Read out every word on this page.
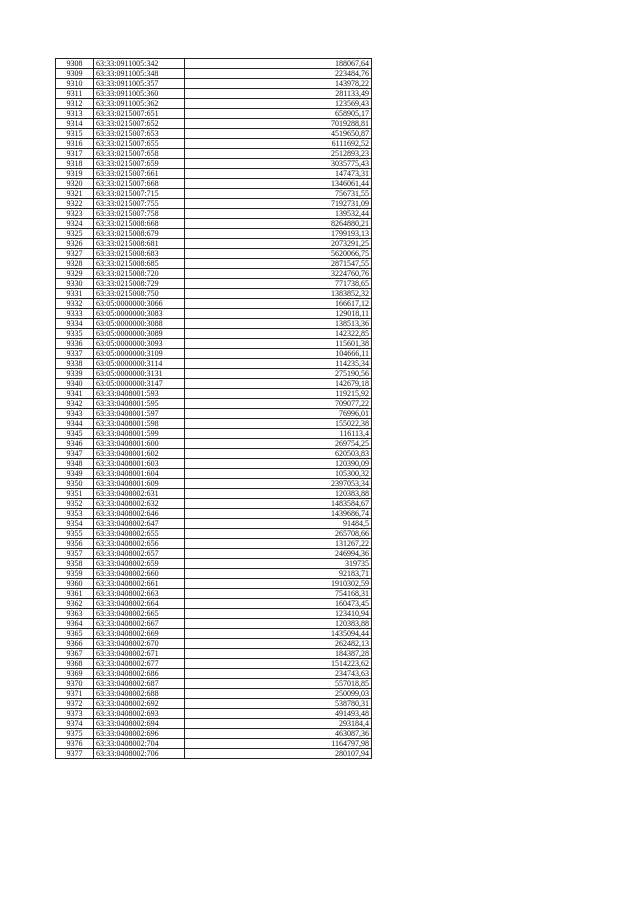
9308	63:33:0911005:342	188067,64
9309	63:33:0911005:348	223484,76
9310	63:33:0911005:357	143978,22
9311	63:33:0911005:360	281133,49
9312	63:33:0911005:362	123569,43
9313	63:33:0215007:651	658905,17
9314	63:33:0215007:652	7019288,81
9315	63:33:0215007:653	4519650,87
9316	63:33:0215007:655	6111692,52
9317	63:33:0215007:658	2512893,23
9318	63:33:0215007:659	3035775,43
9319	63:33:0215007:661	147473,31
9320	63:33:0215007:668	1346061,44
9321	63:33:0215007:715	756731,55
9322	63:33:0215007:755	7192731,09
9323	63:33:0215007:758	139532,44
9324	63:33:0215008:668	8264880,21
9325	63:33:0215008:679	1799193,13
9326	63:33:0215008:681	2073291,25
9327	63:33:0215008:683	5620066,75
9328	63:33:0215008:685	2871547,55
9329	63:33:0215008:720	3224760,76
9330	63:33:0215008:729	771738,65
9331	63:33:0215008:750	1383852,32
9332	63:05:0000000:3066	166617,12
9333	63:05:0000000:3083	129018,11
9334	63:05:0000000:3088	138513,36
9335	63:05:0000000:3089	142322,85
9336	63:05:0000000:3093	115601,38
9337	63:05:0000000:3109	104666,11
9338	63:05:0000000:3114	114235,34
9339	63:05:0000000:3131	275190,56
9340	63:05:0000000:3147	142679,18
9341	63:33:0408001:593	119215,92
9342	63:33:0408001:595	709077,22
9343	63:33:0408001:597	76996,01
9344	63:33:0408001:598	155022,38
9345	63:33:0408001:599	116113,4
9346	63:33:0408001:600	269754,25
9347	63:33:0408001:602	620503,83
9348	63:33:0408001:603	120390,09
9349	63:33:0408001:604	105300,32
9350	63:33:0408001:609	2397053,34
9351	63:33:0408002:631	120383,88
9352	63:33:0408002:632	1483584,67
9353	63:33:0408002:646	1439686,74
9354	63:33:0408002:647	91484,5
9355	63:33:0408002:655	265708,66
9356	63:33:0408002:656	131267,22
9357	63:33:0408002:657	246994,36
9358	63:33:0408002:659	319735
9359	63:33:0408002:660	92183,71
9360	63:33:0408002:661	1910302,59
9361	63:33:0408002:663	754168,31
9362	63:33:0408002:664	160473,45
9363	63:33:0408002:665	123410,94
9364	63:33:0408002:667	120383,88
9365	63:33:0408002:669	1435094,44
9366	63:33:0408002:670	262482,13
9367	63:33:0408002:671	184387,28
9368	63:33:0408002:677	1514223,62
9369	63:33:0408002:686	234743,63
9370	63:33:0408002:687	557018,85
9371	63:33:0408002:688	250099,03
9372	63:33:0408002:692	538780,31
9373	63:33:0408002:693	491493,48
9374	63:33:0408002:694	293184,4
9375	63:33:0408002:696	463087,36
9376	63:33:0408002:704	1164797,98
9377	63:33:0408002:706	280107,94
